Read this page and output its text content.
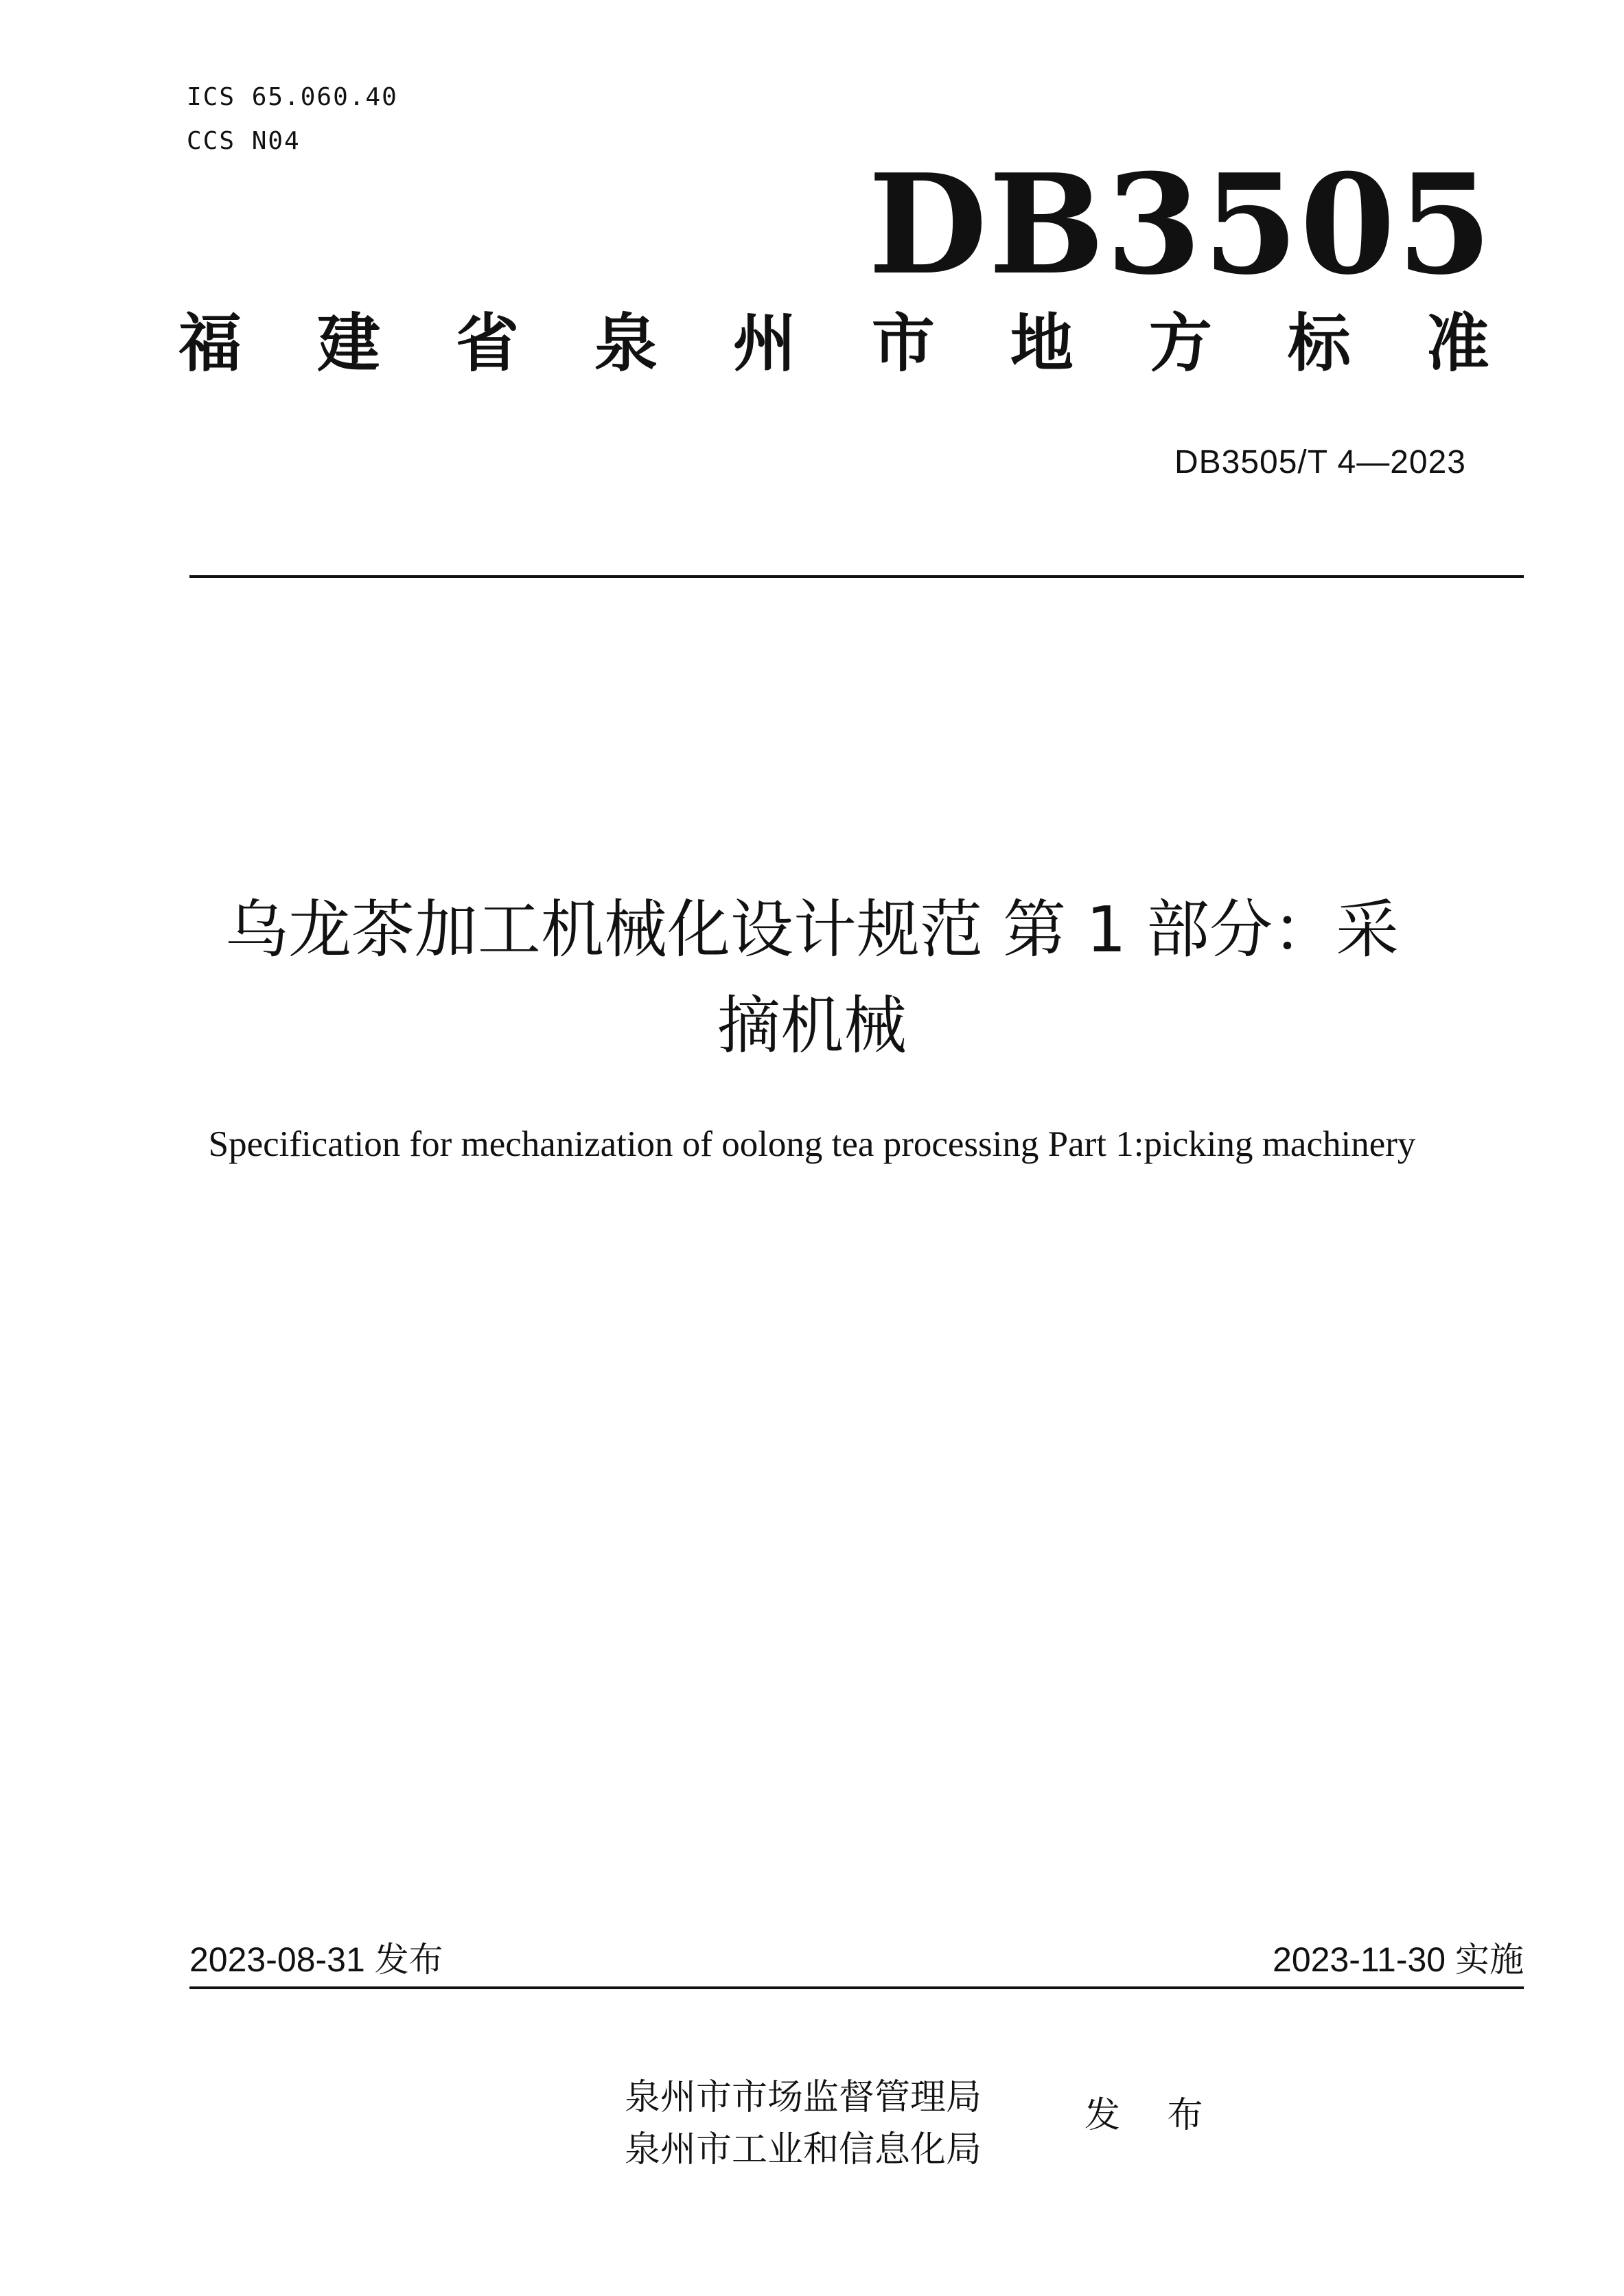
ICS 65.060.40
CCS N04
DB3505
福 建 省 泉 州 市 地 方 标 准
DB3505/T 4—2023
乌龙茶加工机械化设计规范 第 1 部分：采
摘机械
Specification for mechanization of oolong tea processing Part 1:picking machinery
2023-08-31 发布	2023-11-30 实施
泉州市市场监督管理局
泉州市工业和信息化局
发 布
